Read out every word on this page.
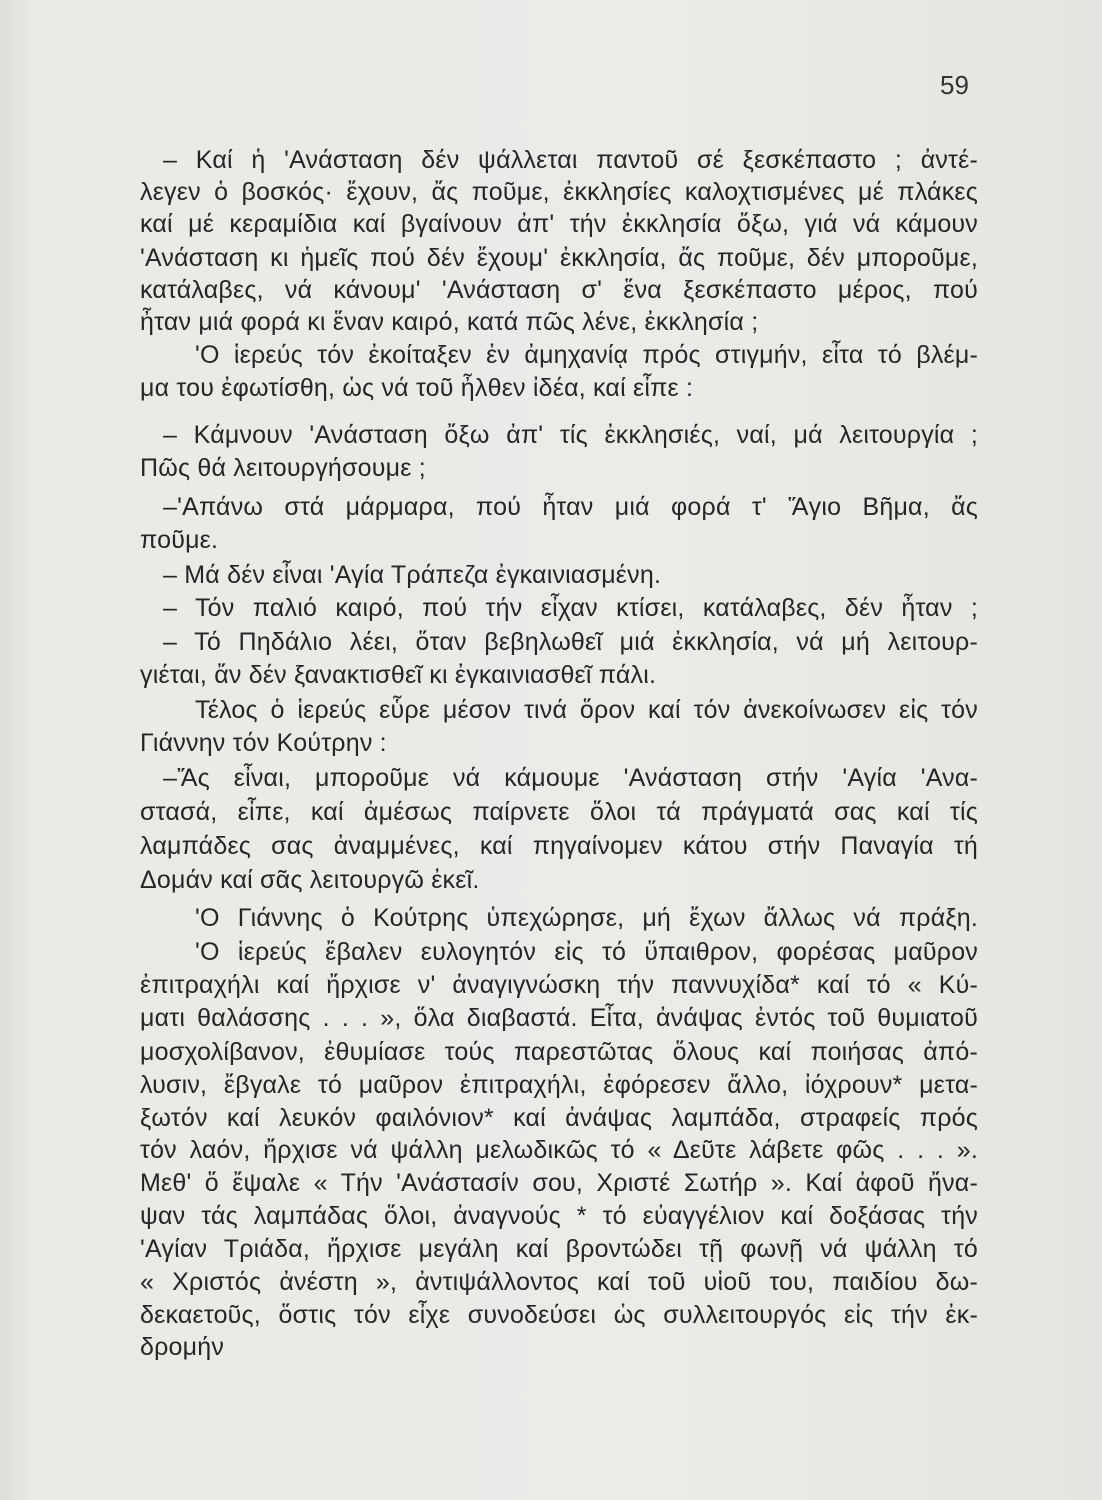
59
– Καί ἡ 'Ανάσταση δέν ψάλλεται παντοῦ σέ ξεσκέπαστο ; ἀντέ-
λεγεν ὁ βοσκός· ἔχουν, ἄς ποῦμε, ἐκκλησίες καλοχτισμένες μέ πλάκες
καί μέ κεραμίδια καί βγαίνουν ἀπ' τήν ἐκκλησία ὄξω, γιά νά κάμουν
'Ανάσταση κι ἡμεῖς πού δέν ἔχουμ' ἐκκλησία, ἄς ποῦμε, δέν μποροῦμε,
κατάλαβες, νά κάνουμ' 'Ανάσταση σ' ἕνα ξεσκέπαστο μέρος, πού
ἦταν μιά φορά κι ἕναν καιρό, κατά πῶς λένε, ἐκκλησία ;
'Ο ἱερεύς τόν ἐκοίταξεν ἐν ἀμηχανίᾳ πρός στιγμήν, εἶτα τό βλέμ-
μα του ἐφωτίσθη, ὡς νά τοῦ ἦλθεν ἰδέα, καί εἶπε :
– Κάμνουν 'Ανάσταση ὄξω ἀπ' τίς ἐκκλησιές, ναί, μά λειτουργία ;
Πῶς θά λειτουργήσουμε ;
–'Απάνω στά μάρμαρα, πού ἦταν μιά φορά τ' Ἅγιο Βῆμα, ἄς
ποῦμε.
– Μά δέν εἶναι 'Αγία Τράπεζα ἐγκαινιασμένη.
– Τόν παλιό καιρό, πού τήν εἶχαν κτίσει, κατάλαβες, δέν ἦταν ;
– Τό Πηδάλιο λέει, ὅταν βεβηλωθεῖ μιά ἐκκλησία, νά μή λειτουρ-
γιέται, ἄν δέν ξανακτισθεῖ κι ἐγκαινιασθεῖ πάλι.
Τέλος ὁ ἱερεύς εὗρε μέσον τινά ὅρον καί τόν ἀνεκοίνωσεν εἰς τόν
Γιάννην τόν Κούτρην :
–Ἄς εἶναι, μποροῦμε νά κάμουμε 'Ανάσταση στήν 'Αγία 'Ανα-
στασά, εἶπε, καί ἀμέσως παίρνετε ὅλοι τά πράγματά σας καί τίς
λαμπάδες σας ἀναμμένες, καί πηγαίνομεν κάτου στήν Παναγία τή
Δομάν καί σᾶς λειτουργῶ ἐκεῖ.
'Ο Γιάννης ὁ Κούτρης ὑπεχώρησε, μή ἔχων ἄλλως νά πράξη.
'Ο ἱερεύς ἔβαλεν ευλογητόν εἰς τό ὕπαιθρον, φορέσας μαῦρον
ἐπιτραχήλι καί ἤρχισε ν' ἀναγιγνώσκη τήν παννυχίδα* καί τό « Κύ-
ματι θαλάσσης . . . », ὅλα διαβαστά. Εἶτα, ἀνάψας ἐντός τοῦ θυμιατοῦ
μοσχολίβανον, ἐθυμίασε τούς παρεστῶτας ὅλους καί ποιήσας ἀπό-
λυσιν, ἔβγαλε τό μαῦρον ἐπιτραχήλι, ἐφόρεσεν ἄλλο, ἰόχρουν* μετα-
ξωτόν καί λευκόν φαιλόνιον* καί ἀνάψας λαμπάδα, στραφείς πρός
τόν λαόν, ἤρχισε νά ψάλλη μελωδικῶς τό « Δεῦτε λάβετε φῶς . . . ».
Μεθ' ὅ ἔψαλε « Τήν 'Ανάστασίν σου, Χριστέ Σωτήρ ». Καί ἀφοῦ ἤνα-
ψαν τάς λαμπάδας ὅλοι, ἀναγνούς * τό εὐαγγέλιον καί δοξάσας τήν
'Αγίαν Τριάδα, ἤρχισε μεγάλη καί βροντώδει τῇ φωνῇ νά ψάλλη τό
« Χριστός ἀνέστη », ἀντιψάλλοντος καί τοῦ υἱοῦ του, παιδίου δω-
δεκαετοῦς, ὅστις τόν εἶχε συνοδεύσει ὡς συλλειτουργός εἰς τήν ἐκ-
δρομήν
